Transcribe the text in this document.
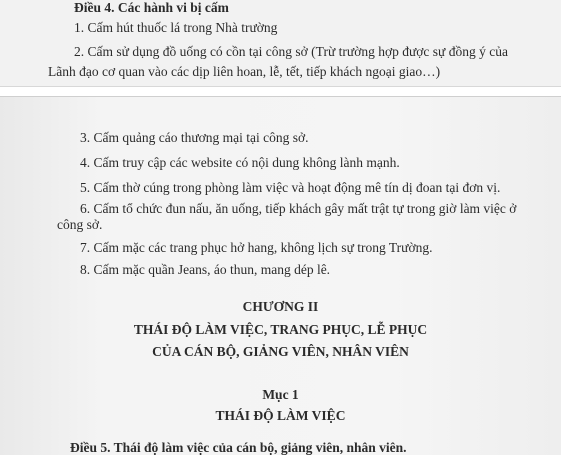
Điều 4. Các hành vi bị cấm
1. Cấm hút thuốc lá trong Nhà trường
2. Cấm sử dụng đồ uống có cồn tại công sở (Trừ trường hợp được sự đồng ý của
Lãnh đạo cơ quan vào các dịp liên hoan, lễ, tết, tiếp khách ngoại giao…)
3. Cấm quảng cáo thương mại tại công sở.
4. Cấm truy cập các website có nội dung không lành mạnh.
5. Cấm thờ cúng trong phòng làm việc và hoạt động mê tín dị đoan tại đơn vị.
6. Cấm tổ chức đun nấu, ăn uống, tiếp khách gây mất trật tự trong giờ làm việc ở
công sở.
7. Cấm mặc các trang phục hở hang, không lịch sự trong Trường.
8. Cấm mặc quần Jeans, áo thun, mang dép lê.
CHƯƠNG II
THÁI ĐỘ LÀM VIỆC, TRANG PHỤC, LỄ PHỤC
CỦA CÁN BỘ, GIẢNG VIÊN, NHÂN VIÊN
Mục 1
THÁI ĐỘ LÀM VIỆC
Điều 5. Thái độ làm việc của cán bộ, giảng viên, nhân viên.
